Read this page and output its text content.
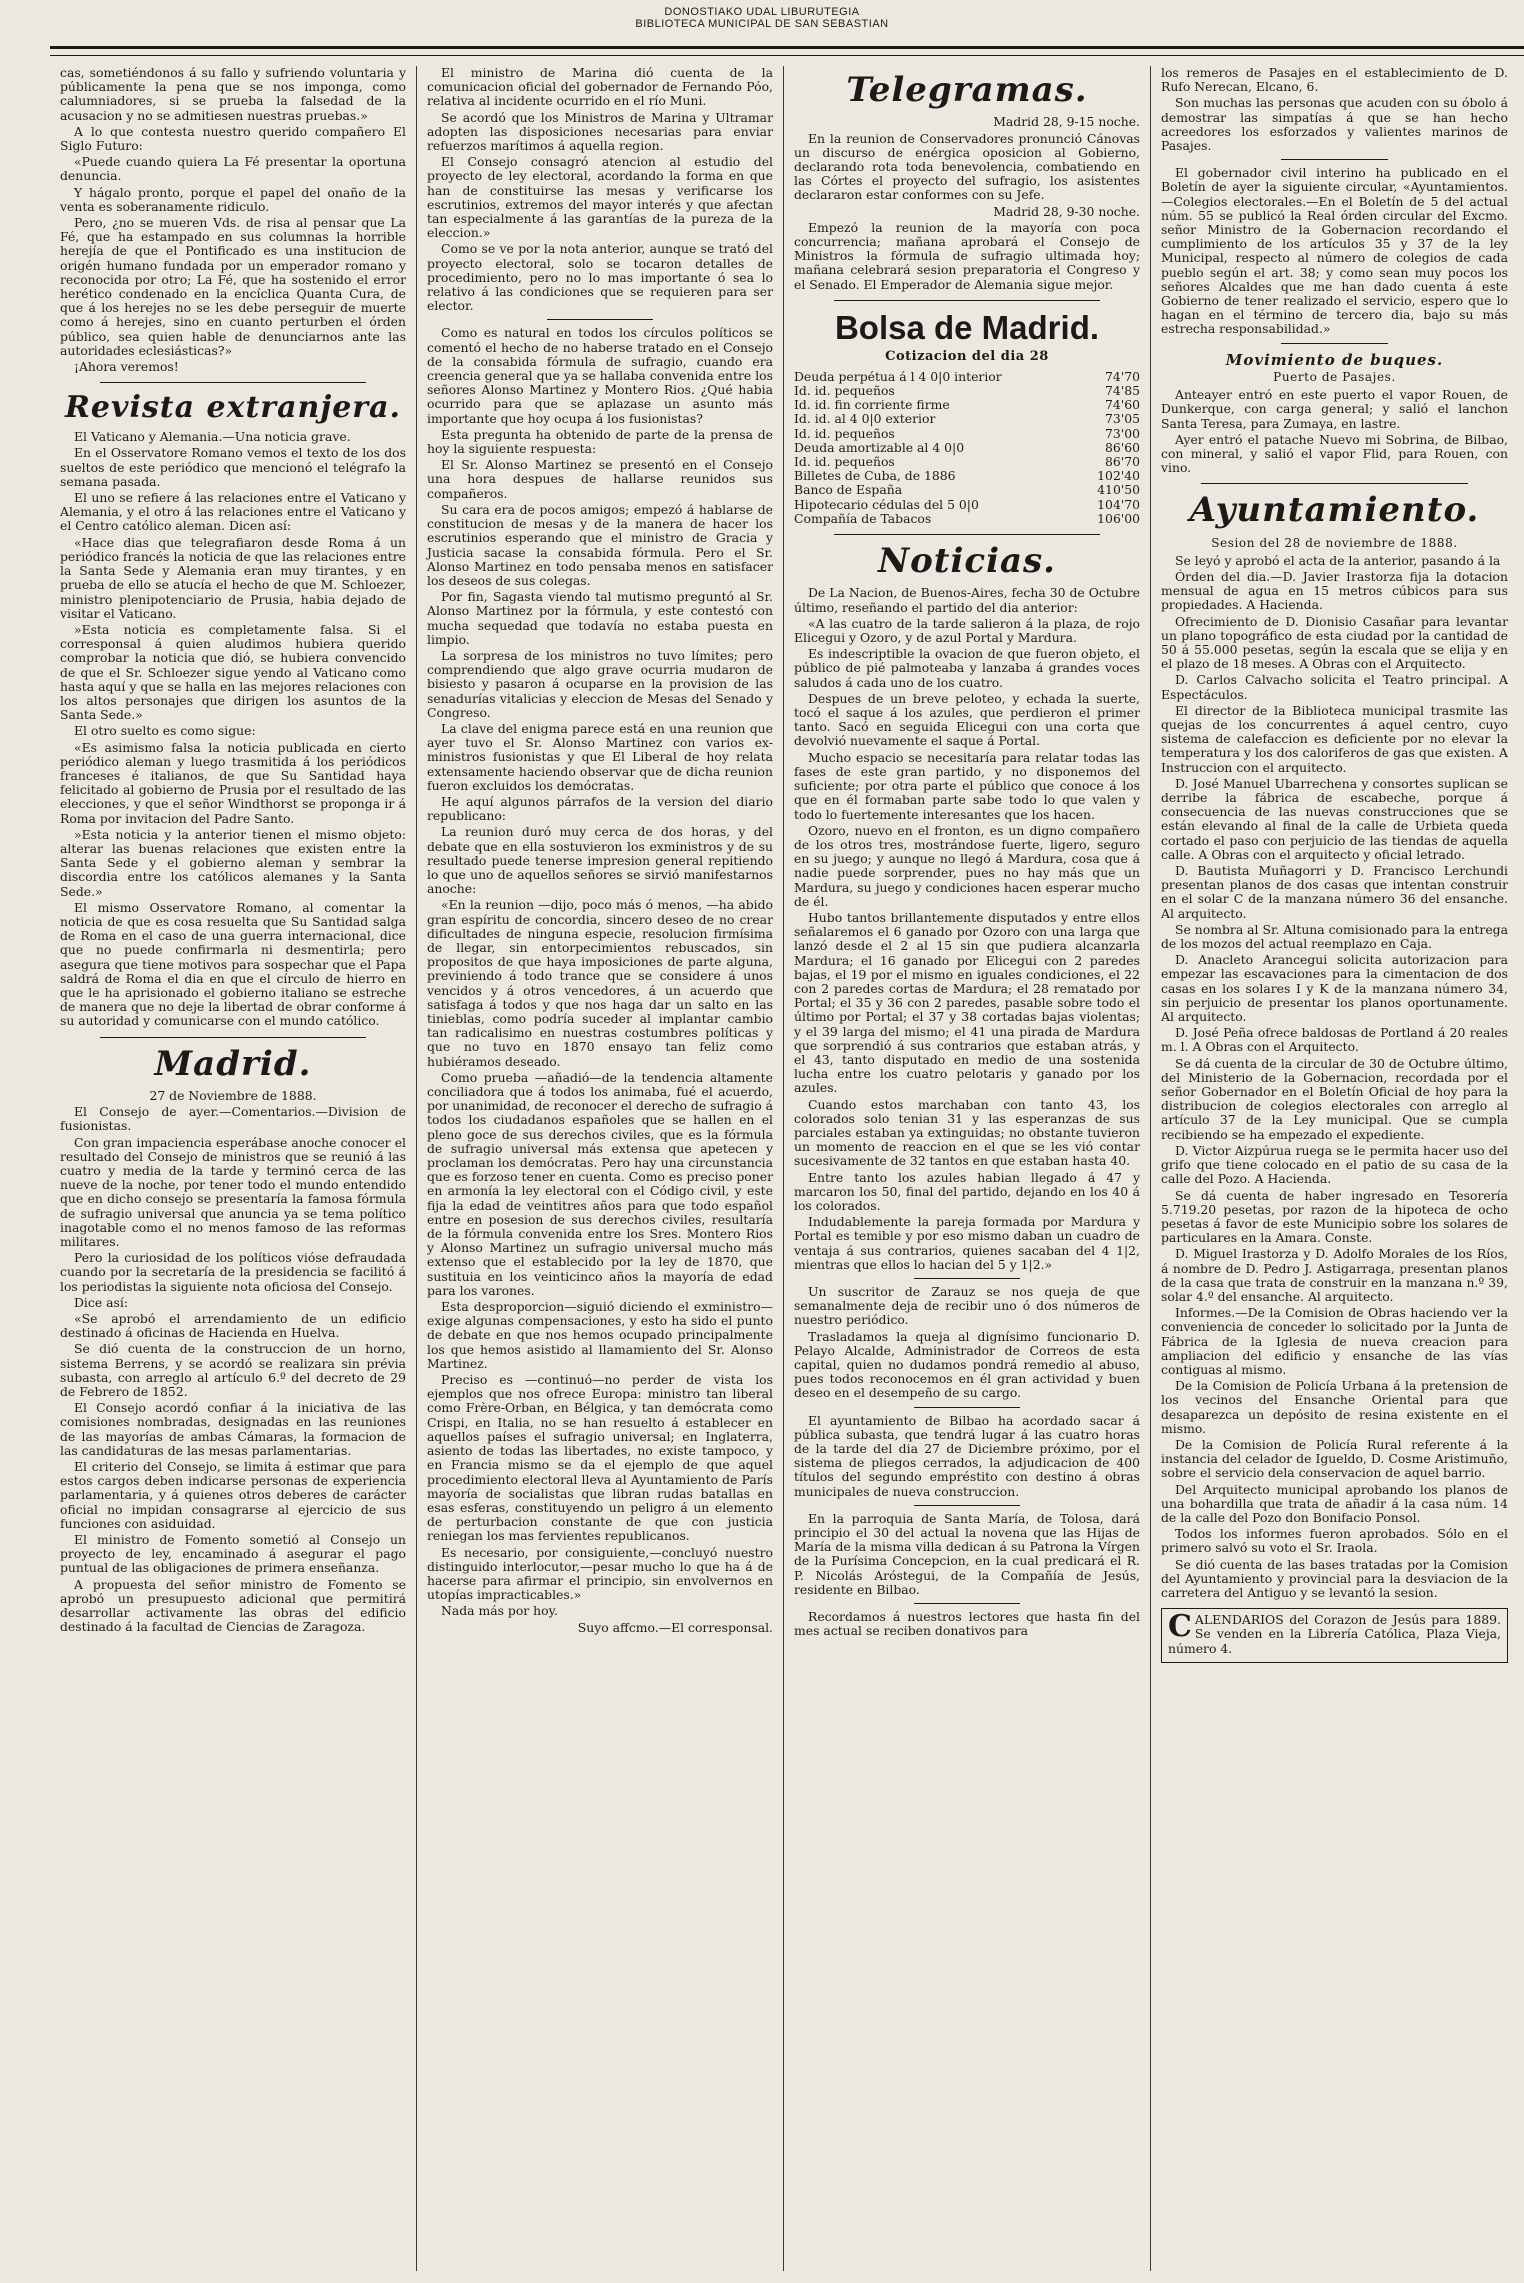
DONOSTIAKO UDAL LIBURUTEGIA
BIBLIOTECA MUNICIPAL DE SAN SEBASTIAN

cas, sometiéndonos á su fallo y sufriendo voluntaria y públicamente la pena que se nos imponga, como calumniadores, si se prueba la falsedad de la acusacion y no se admitiesen nuestras pruebas.»

A lo que contesta nuestro querido compañero El Siglo Futuro:

«Puede cuando quiera La Fé presentar la oportuna denuncia.

Y hágalo pronto, porque el papel del onaño de la venta es soberanamente ridiculo.

Pero, ¿no se mueren Vds. de risa al pensar que La Fé, que ha estampado en sus columnas la horrible herejía de que el Pontificado es una institucion de origén humano fundada por un emperador romano y reconocida por otro; La Fé, que ha sostenido el error herético condenado en la encíclica Quanta Cura, de que á los herejes no se les debe perseguir de muerte como á herejes, sino en cuanto perturben el órden público, sea quien hable de denunciarnos ante las autoridades eclesiásticas?»

¡Ahora veremos!

Revista extranjera.

El Vaticano y Alemania.—Una noticia grave.

En el Osservatore Romano vemos el texto de los dos sueltos de este periódico que mencionó el telégrafo la semana pasada.

El uno se refiere á las relaciones entre el Vaticano y Alemania, y el otro á las relaciones entre el Vaticano y el Centro católico aleman. Dicen así:

«Hace dias que telegrafiaron desde Roma á un periódico francés la noticia de que las relaciones entre la Santa Sede y Alemania eran muy tirantes, y en prueba de ello se atucía el hecho de que M. Schloezer, ministro plenipotenciario de Prusia, habia dejado de visitar el Vaticano.

»Esta noticia es completamente falsa. Si el corresponsal á quien aludimos hubiera querido comprobar la noticia que dió, se hubiera convencido de que el Sr. Schloezer sigue yendo al Vaticano como hasta aquí y que se halla en las mejores relaciones con los altos personajes que dirigen los asuntos de la Santa Sede.»

El otro suelto es como sigue:

«Es asimismo falsa la noticia publicada en cierto periódico aleman y luego trasmitida á los periódicos franceses é italianos, de que Su Santidad haya felicitado al gobierno de Prusia por el resultado de las elecciones, y que el señor Windthorst se proponga ir á Roma por invitacion del Padre Santo.

»Esta noticia y la anterior tienen el mismo objeto: alterar las buenas relaciones que existen entre la Santa Sede y el gobierno aleman y sembrar la discordia entre los católicos alemanes y la Santa Sede.»

El mismo Osservatore Romano, al comentar la noticia de que es cosa resuelta que Su Santidad salga de Roma en el caso de una guerra internacional, dice que no puede confirmarla ni desmentirla; pero asegura que tiene motivos para sospechar que el Papa saldrá de Roma el dia en que el círculo de hierro en que le ha aprisionado el gobierno italiano se estreche de manera que no deje la libertad de obrar conforme á su autoridad y comunicarse con el mundo católico.

Madrid.

27 de Noviembre de 1888.

El Consejo de ayer.—Comentarios.—Division de fusionistas.

Con gran impaciencia esperábase anoche conocer el resultado del Consejo de ministros que se reunió á las cuatro y media de la tarde y terminó cerca de las nueve de la noche, por tener todo el mundo entendido que en dicho consejo se presentaría la famosa fórmula de sufragio universal que anuncia ya se tema político inagotable como el no menos famoso de las reformas militares.

Pero la curiosidad de los políticos vióse defraudada cuando por la secretaría de la presidencia se facilitó á los periodistas la siguiente nota oficiosa del Consejo.

Dice así:

«Se aprobó el arrendamiento de un edificio destinado á oficinas de Hacienda en Huelva.

Se dió cuenta de la construccion de un horno, sistema Berrens, y se acordó se realizara sin prévia subasta, con arreglo al artículo 6.º del decreto de 29 de Febrero de 1852.

El Consejo acordó confiar á la iniciativa de las comisiones nombradas, designadas en las reuniones de las mayorías de ambas Cámaras, la formacion de las candidaturas de las mesas parlamentarias.

El criterio del Consejo, se limita á estimar que para estos cargos deben indicarse personas de experiencia parlamentaria, y á quienes otros deberes de carácter oficial no impidan consagrarse al ejercicio de sus funciones con asiduidad.

El ministro de Fomento sometió al Consejo un proyecto de ley, encaminado á asegurar el pago puntual de las obligaciones de primera enseñanza.

A propuesta del señor ministro de Fomento se aprobó un presupuesto adicional que permitirá desarrollar activamente las obras del edificio destinado á la facultad de Ciencias de Zaragoza.

El ministro de Marina dió cuenta de la comunicacion oficial del gobernador de Fernando Póo, relativa al incidente ocurrido en el río Muni.

Se acordó que los Ministros de Marina y Ultramar adopten las disposiciones necesarias para enviar refuerzos marítimos á aquella region.

El Consejo consagró atencion al estudio del proyecto de ley electoral, acordando la forma en que han de constituirse las mesas y verificarse los escrutinios, extremos del mayor interés y que afectan tan especialmente á las garantías de la pureza de la eleccion.»

Como se ve por la nota anterior, aunque se trató del proyecto electoral, solo se tocaron detalles de procedimiento, pero no lo mas importante ó sea lo relativo á las condiciones que se requieren para ser elector.

Como es natural en todos los círculos políticos se comentó el hecho de no haberse tratado en el Consejo de la consabida fórmula de sufragio, cuando era creencia general que ya se hallaba convenida entre los señores Alonso Martinez y Montero Rios. ¿Qué habia ocurrido para que se aplazase un asunto más importante que hoy ocupa á los fusionistas?

Esta pregunta ha obtenido de parte de la prensa de hoy la siguiente respuesta:

El Sr. Alonso Martinez se presentó en el Consejo una hora despues de hallarse reunidos sus compañeros.

Su cara era de pocos amigos; empezó á hablarse de constitucion de mesas y de la manera de hacer los escrutinios esperando que el ministro de Gracia y Justicia sacase la consabida fórmula. Pero el Sr. Alonso Martinez en todo pensaba menos en satisfacer los deseos de sus colegas.

Por fin, Sagasta viendo tal mutismo preguntó al Sr. Alonso Martinez por la fórmula, y este contestó con mucha sequedad que todavía no estaba puesta en limpio.

La sorpresa de los ministros no tuvo límites; pero comprendiendo que algo grave ocurria mudaron de bisiesto y pasaron á ocuparse en la provision de las senadurías vitalicias y eleccion de Mesas del Senado y Congreso.

La clave del enigma parece está en una reunion que ayer tuvo el Sr. Alonso Martinez con varios ex-ministros fusionistas y que El Liberal de hoy relata extensamente haciendo observar que de dicha reunion fueron excluidos los demócratas.

He aquí algunos párrafos de la version del diario republicano:

La reunion duró muy cerca de dos horas, y del debate que en ella sostuvieron los exministros y de su resultado puede tenerse impresion general repitiendo lo que uno de aquellos señores se sirvió manifestarnos anoche:

«En la reunion —dijo, poco más ó menos, —ha abido gran espíritu de concordia, sincero deseo de no crear dificultades de ninguna especie, resolucion firmísima de llegar, sin entorpecimientos rebuscados, sin propositos de que haya imposiciones de parte alguna, previniendo á todo trance que se considere á unos vencidos y á otros vencedores, á un acuerdo que satisfaga á todos y que nos haga dar un salto en las tinieblas, como podría suceder al implantar cambio tan radicalisimo en nuestras costumbres políticas y que no tuvo en 1870 ensayo tan feliz como hubiéramos deseado.

Como prueba —añadió—de la tendencia altamente conciliadora que á todos los animaba, fué el acuerdo, por unanimidad, de reconocer el derecho de sufragio á todos los ciudadanos españoles que se hallen en el pleno goce de sus derechos civiles, que es la fórmula de sufragio universal más extensa que apetecen y proclaman los demócratas. Pero hay una circunstancia que es forzoso tener en cuenta. Como es preciso poner en armonía la ley electoral con el Código civil, y este fija la edad de veintitres años para que todo español entre en posesion de sus derechos civiles, resultaría de la fórmula convenida entre los Sres. Montero Rios y Alonso Martinez un sufragio universal mucho más extenso que el establecido por la ley de 1870, que sustituia en los veinticinco años la mayoría de edad para los varones.

Esta desproporcion—siguió diciendo el exministro—exige algunas compensaciones, y esto ha sido el punto de debate en que nos hemos ocupado principalmente los que hemos asistido al llamamiento del Sr. Alonso Martinez.

Preciso es —continuó—no perder de vista los ejemplos que nos ofrece Europa: ministro tan liberal como Frère-Orban, en Bélgica, y tan demócrata como Crispi, en Italia, no se han resuelto á establecer en aquellos países el sufragio universal; en Inglaterra, asiento de todas las libertades, no existe tampoco, y en Francia mismo se da el ejemplo de que aquel procedimiento electoral lleva al Ayuntamiento de París mayoría de socialistas que libran rudas batallas en esas esferas, constituyendo un peligro á un elemento de perturbacion constante de que con justicia reniegan los mas fervientes republicanos.

Es necesario, por consiguiente,—concluyó nuestro distinguido interlocutor,—pesar mucho lo que ha á de hacerse para afirmar el principio, sin envolvernos en utopías impracticables.»

Nada más por hoy.

Suyo affcmo.—El corresponsal.

Telegramas.

Madrid 28, 9-15 noche.

En la reunion de Conservadores pronunció Cánovas un discurso de enérgica oposicion al Gobierno, declarando rota toda benevolencia, combatiendo en las Córtes el proyecto del sufragio, los asistentes declararon estar conformes con su Jefe.

Madrid 28, 9-30 noche.

Empezó la reunion de la mayoría con poca concurrencia; mañana aprobará el Consejo de Ministros la fórmula de sufragio ultimada hoy; mañana celebrará sesion preparatoria el Congreso y el Senado. El Emperador de Alemania sigue mejor.

Bolsa de Madrid.
Cotizacion del dia 28
Deuda perpétua á l 4 0|0 interior	74'70
Id. id. pequeños	74'85
Id. id. fin corriente firme	74'60
Id. id. al 4 0|0 exterior	73'05
Id. id. pequeños	73'00
Deuda amortizable al 4 0|0	86'60
Id. id. pequeños	86'70
Billetes de Cuba, de 1886	102'40
Banco de España	410'50
Hipotecario cédulas del 5 0|0	104'70
Compañía de Tabacos	106'00
Noticias.

De La Nacion, de Buenos-Aires, fecha 30 de Octubre último, reseñando el partido del dia anterior:

«A las cuatro de la tarde salieron á la plaza, de rojo Elicegui y Ozoro, y de azul Portal y Mardura.

Es indescriptible la ovacion de que fueron objeto, el público de pié palmoteaba y lanzaba á grandes voces saludos á cada uno de los cuatro.

Despues de un breve peloteo, y echada la suerte, tocó el saque á los azules, que perdieron el primer tanto. Sacó en seguida Elicegui con una corta que devolvió nuevamente el saque á Portal.

Mucho espacio se necesitaría para relatar todas las fases de este gran partido, y no disponemos del suficiente; por otra parte el público que conoce á los que en él formaban parte sabe todo lo que valen y todo lo fuertemente interesantes que los hacen.

Ozoro, nuevo en el fronton, es un digno compañero de los otros tres, mostrándose fuerte, ligero, seguro en su juego; y aunque no llegó á Mardura, cosa que á nadie puede sorprender, pues no hay más que un Mardura, su juego y condiciones hacen esperar mucho de él.

Hubo tantos brillantemente disputados y entre ellos señalaremos el 6 ganado por Ozoro con una larga que lanzó desde el 2 al 15 sin que pudiera alcanzarla Mardura; el 16 ganado por Elicegui con 2 paredes bajas, el 19 por el mismo en iguales condiciones, el 22 con 2 paredes cortas de Mardura; el 28 rematado por Portal; el 35 y 36 con 2 paredes, pasable sobre todo el último por Portal; el 37 y 38 cortadas bajas violentas; y el 39 larga del mismo; el 41 una pirada de Mardura que sorprendió á sus contrarios que estaban atrás, y el 43, tanto disputado en medio de una sostenida lucha entre los cuatro pelotaris y ganado por los azules.

Cuando estos marchaban con tanto 43, los colorados solo tenian 31 y las esperanzas de sus parciales estaban ya extinguidas; no obstante tuvieron un momento de reaccion en el que se les vió contar sucesivamente de 32 tantos en que estaban hasta 40.

Entre tanto los azules habian llegado á 47 y marcaron los 50, final del partido, dejando en los 40 á los colorados.

Indudablemente la pareja formada por Mardura y Portal es temible y por eso mismo daban un cuadro de ventaja á sus contrarios, quienes sacaban del 4 1|2, mientras que ellos lo hacian del 5 y 1|2.»

Un suscritor de Zarauz se nos queja de que semanalmente deja de recibir uno ó dos números de nuestro periódico.

Trasladamos la queja al dignísimo funcionario D. Pelayo Alcalde, Administrador de Correos de esta capital, quien no dudamos pondrá remedio al abuso, pues todos reconocemos en él gran actividad y buen deseo en el desempeño de su cargo.

El ayuntamiento de Bilbao ha acordado sacar á pública subasta, que tendrá lugar á las cuatro horas de la tarde del dia 27 de Diciembre próximo, por el sistema de pliegos cerrados, la adjudicacion de 400 títulos del segundo empréstito con destino á obras municipales de nueva construccion.

En la parroquia de Santa María, de Tolosa, dará principio el 30 del actual la novena que las Hijas de María de la misma villa dedican á su Patrona la Vírgen de la Purísima Concepcion, en la cual predicará el R. P. Nicolás Aróstegui, de la Compañía de Jesús, residente en Bilbao.

Recordamos á nuestros lectores que hasta fin del mes actual se reciben donativos para

los remeros de Pasajes en el establecimiento de D. Rufo Nerecan, Elcano, 6.

Son muchas las personas que acuden con su óbolo á demostrar las simpatías á que se han hecho acreedores los esforzados y valientes marinos de Pasajes.

El gobernador civil interino ha publicado en el Boletín de ayer la siguiente circular, «Ayuntamientos.—Colegios electorales.—En el Boletín de 5 del actual núm. 55 se publicó la Real órden circular del Excmo. señor Ministro de la Gobernacion recordando el cumplimiento de los artículos 35 y 37 de la ley Municipal, respecto al número de colegios de cada pueblo según el art. 38; y como sean muy pocos los señores Alcaldes que me han dado cuenta á este Gobierno de tener realizado el servicio, espero que lo hagan en el término de tercero dia, bajo su más estrecha responsabilidad.»

Movimiento de buques.
Puerto de Pasajes.

Anteayer entró en este puerto el vapor Rouen, de Dunkerque, con carga general; y salió el lanchon Santa Teresa, para Zumaya, en lastre.

Ayer entró el patache Nuevo mi Sobrina, de Bilbao, con mineral, y salió el vapor Flid, para Rouen, con vino.

Ayuntamiento.
Sesion del 28 de noviembre de 1888.

Se leyó y aprobó el acta de la anterior, pasando á la

Órden del dia.—D. Javier Irastorza fija la dotacion mensual de agua en 15 metros cúbicos para sus propiedades. A Hacienda.

Ofrecimiento de D. Dionisio Casañar para levantar un plano topográfico de esta ciudad por la cantidad de 50 á 55.000 pesetas, según la escala que se elija y en el plazo de 18 meses. A Obras con el Arquitecto.

D. Carlos Calvacho solicita el Teatro principal. A Espectáculos.

El director de la Biblioteca municipal trasmite las quejas de los concurrentes á aquel centro, cuyo sistema de calefaccion es deficiente por no elevar la temperatura y los dos caloriferos de gas que existen. A Instruccion con el arquitecto.

D. José Manuel Ubarrechena y consortes suplican se derribe la fábrica de escabeche, porque á consecuencia de las nuevas construcciones que se están elevando al final de la calle de Urbieta queda cortado el paso con perjuicio de las tiendas de aquella calle. A Obras con el arquitecto y oficial letrado.

D. Bautista Muñagorri y D. Francisco Lerchundi presentan planos de dos casas que intentan construir en el solar C de la manzana número 36 del ensanche. Al arquitecto.

Se nombra al Sr. Altuna comisionado para la entrega de los mozos del actual reemplazo en Caja.

D. Anacleto Arancegui solicita autorizacion para empezar las escavaciones para la cimentacion de dos casas en los solares I y K de la manzana número 34, sin perjuicio de presentar los planos oportunamente. Al arquitecto.

D. José Peña ofrece baldosas de Portland á 20 reales m. l. A Obras con el Arquitecto.

Se dá cuenta de la circular de 30 de Octubre último, del Ministerio de la Gobernacion, recordada por el señor Gobernador en el Boletín Oficial de hoy para la distribucion de colegios electorales con arreglo al artículo 37 de la Ley municipal. Que se cumpla recibiendo se ha empezado el expediente.

D. Victor Aizpúrua ruega se le permita hacer uso del grifo que tiene colocado en el patio de su casa de la calle del Pozo. A Hacienda.

Se dá cuenta de haber ingresado en Tesorería 5.719.20 pesetas, por razon de la hipoteca de ocho pesetas á favor de este Municipio sobre los solares de particulares en la Amara. Conste.

D. Miguel Irastorza y D. Adolfo Morales de los Ríos, á nombre de D. Pedro J. Astigarraga, presentan planos de la casa que trata de construir en la manzana n.º 39, solar 4.º del ensanche. Al arquitecto.

Informes.—De la Comision de Obras haciendo ver la conveniencia de conceder lo solicitado por la Junta de Fábrica de la Iglesia de nueva creacion para ampliacion del edificio y ensanche de las vías contiguas al mismo.

De la Comision de Policía Urbana á la pretension de los vecinos del Ensanche Oriental para que desaparezca un depósito de resina existente en el mismo.

De la Comision de Policía Rural referente á la instancia del celador de Igueldo, D. Cosme Aristimuño, sobre el servicio dela conservacion de aquel barrio.

Del Arquitecto municipal aprobando los planos de una bohardilla que trata de añadir á la casa núm. 14 de la calle del Pozo don Bonifacio Ponsol.

Todos los informes fueron aprobados. Sólo en el primero salvó su voto el Sr. Iraola.

Se dió cuenta de las bases tratadas por la Comision del Ayuntamiento y provincial para la desviacion de la carretera del Antiguo y se levantó la sesion.

CALENDARIOS del Corazon de Jesús para 1889. Se venden en la Librería Católica, Plaza Vieja, número 4.
